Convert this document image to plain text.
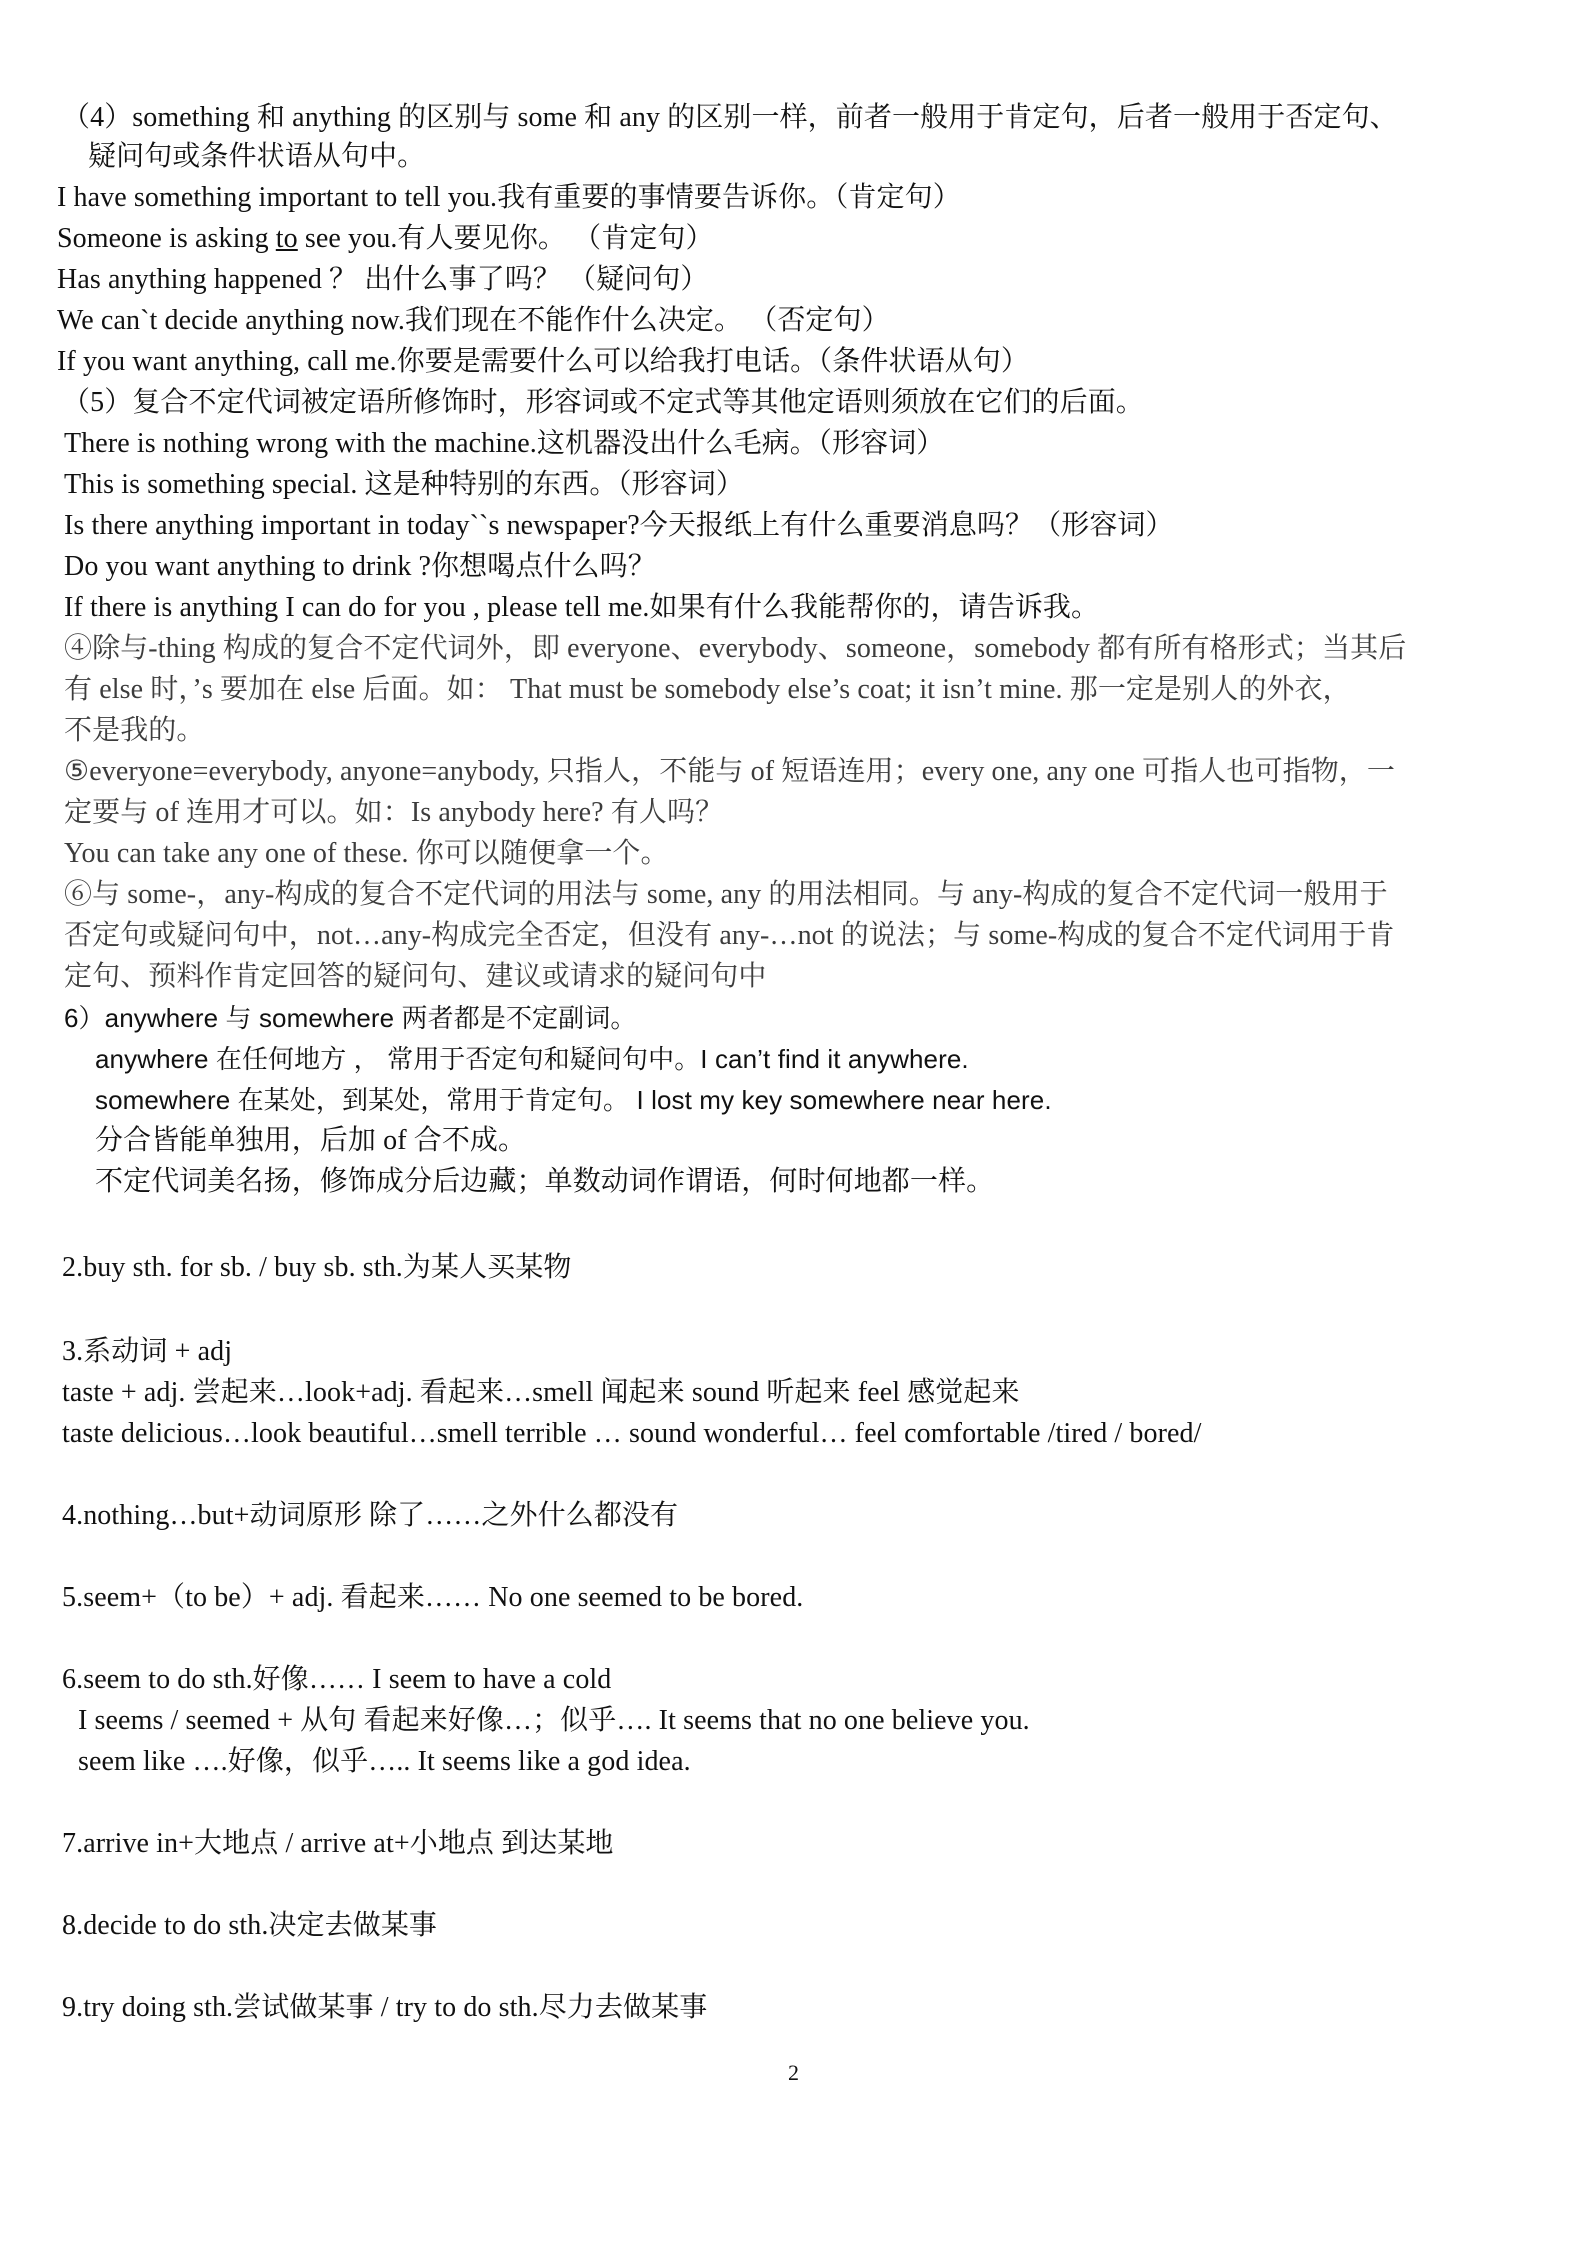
（4）something 和 anything 的区别与 some 和 any 的区别一样，前者一般用于肯定句，后者一般用于否定句、
疑问句或条件状语从句中。
I have something important to tell you.我有重要的事情要告诉你。（肯定句）
Someone is asking to see you.有人要见你。 （肯定句）
Has anything happened ？ 出什么事了吗？ （疑问句）
We can`t decide anything now.我们现在不能作什么决定。 （否定句）
If you want anything, call me.你要是需要什么可以给我打电话。（条件状语从句）
（5）复合不定代词被定语所修饰时，形容词或不定式等其他定语则须放在它们的后面。
There is nothing wrong with the machine.这机器没出什么毛病。（形容词）
This is something special. 这是种特别的东西。（形容词）
Is there anything important in today``s newspaper?今天报纸上有什么重要消息吗？（形容词）
Do you want anything to drink ?你想喝点什么吗？
If there is anything I can do for you , please tell me.如果有什么我能帮你的，请告诉我。
④除与-thing 构成的复合不定代词外，即 everyone、everybody、someone，somebody 都有所有格形式；当其后
有 else 时，’s 要加在 else 后面。如： That must be somebody else’s coat; it isn’t mine. 那一定是别人的外衣，
不是我的。
⑤everyone=everybody, anyone=anybody, 只指人，不能与 of 短语连用；every one, any one 可指人也可指物，一
定要与 of 连用才可以。如：Is anybody here? 有人吗？
You can take any one of these. 你可以随便拿一个。
⑥与 some-，any-构成的复合不定代词的用法与 some, any 的用法相同。与 any-构成的复合不定代词一般用于
否定句或疑问句中，not…any-构成完全否定，但没有 any-…not 的说法；与 some-构成的复合不定代词用于肯
定句、预料作肯定回答的疑问句、建议或请求的疑问句中
6）anywhere 与 somewhere 两者都是不定副词。
anywhere 在任何地方 ， 常用于否定句和疑问句中。I can’t find it anywhere.
somewhere 在某处，到某处，常用于肯定句。 I lost my key somewhere near here.
分合皆能单独用，后加 of 合不成。
不定代词美名扬，修饰成分后边藏；单数动词作谓语，何时何地都一样。
2.buy sth. for sb. / buy sb. sth.为某人买某物
3.系动词 + adj
taste + adj. 尝起来…look+adj. 看起来…smell 闻起来 sound 听起来 feel 感觉起来
taste delicious…look beautiful…smell terrible … sound wonderful… feel comfortable /tired / bored/
4.nothing…but+动词原形 除了……之外什么都没有
5.seem+（to be）+ adj. 看起来…… No one seemed to be bored.
6.seem to do sth.好像…… I seem to have a cold
I seems / seemed + 从句 看起来好像…；似乎…. It seems that no one believe you.
seem like ….好像，似乎….. It seems like a god idea.
7.arrive in+大地点 / arrive at+小地点 到达某地
8.decide to do sth.决定去做某事
9.try doing sth.尝试做某事 / try to do sth.尽力去做某事
2
